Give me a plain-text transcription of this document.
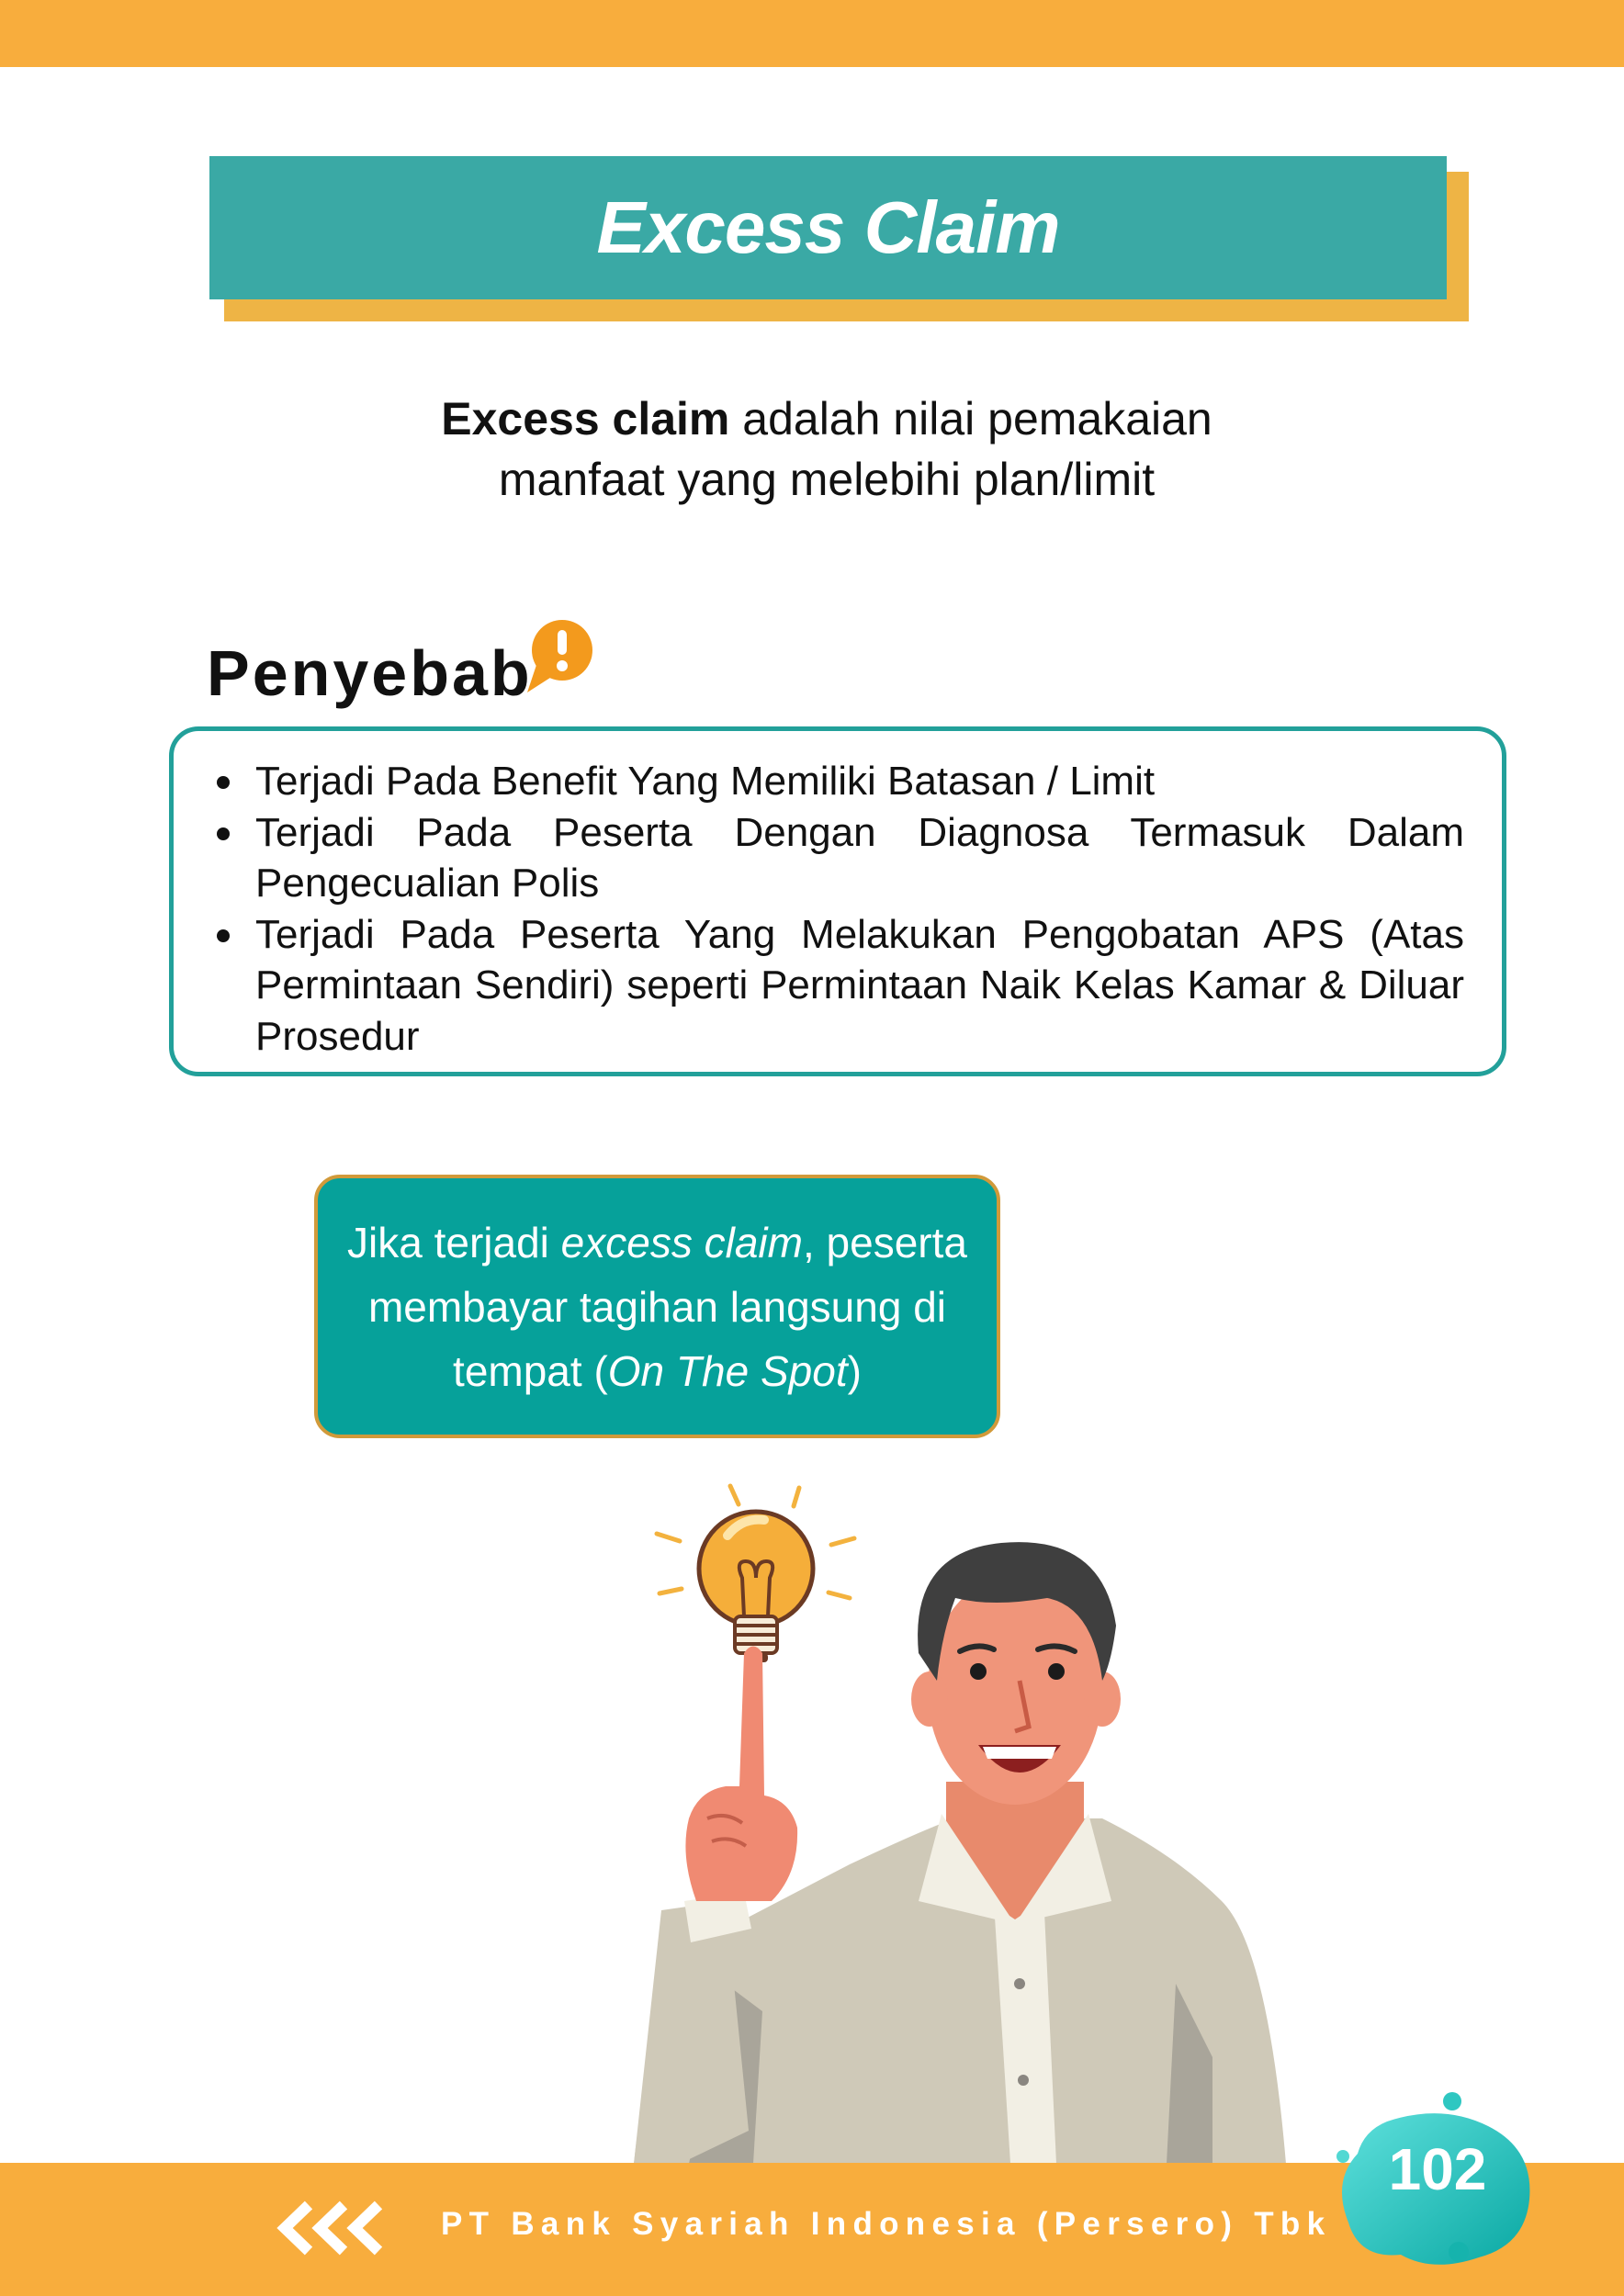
Excess Claim
Excess claim adalah nilai pemakaian
manfaat yang melebihi plan/limit
Penyebab
Terjadi Pada Benefit Yang Memiliki Batasan / Limit
Terjadi Pada Peserta Dengan Diagnosa Termasuk Dalam Pengecualian Polis
Terjadi Pada Peserta Yang Melakukan Pengobatan APS (Atas Permintaan Sendiri) seperti Permintaan Naik Kelas Kamar & Diluar Prosedur

Jika terjadi excess claim, peserta membayar tagihan langsung di tempat (On The Spot)

PT Bank Syariah Indonesia (Persero) Tbk
102
